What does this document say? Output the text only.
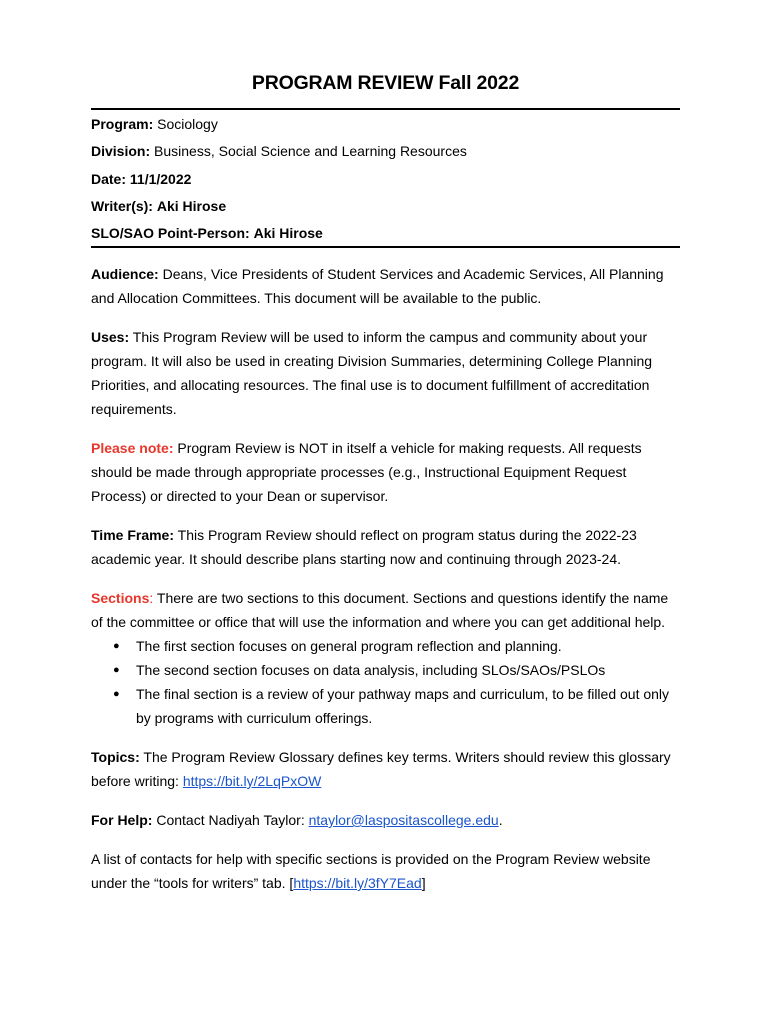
PROGRAM REVIEW Fall 2022
Program: Sociology
Division: Business, Social Science and Learning Resources
Date: 11/1/2022
Writer(s): Aki Hirose
SLO/SAO Point-Person: Aki Hirose

Audience: Deans, Vice Presidents of Student Services and Academic Services, All Planning and Allocation Committees. This document will be available to the public.

Uses: This Program Review will be used to inform the campus and community about your program. It will also be used in creating Division Summaries, determining College Planning Priorities, and allocating resources. The final use is to document fulfillment of accreditation requirements.

Please note: Program Review is NOT in itself a vehicle for making requests. All requests should be made through appropriate processes (e.g., Instructional Equipment Request Process) or directed to your Dean or supervisor.

Time Frame: This Program Review should reflect on program status during the 2022-23 academic year. It should describe plans starting now and continuing through 2023-24.

Sections: There are two sections to this document. Sections and questions identify the name of the committee or office that will use the information and where you can get additional help.

● The first section focuses on general program reflection and planning.
● The second section focuses on data analysis, including SLOs/SAOs/PSLOs
● The final section is a review of your pathway maps and curriculum, to be filled out only by programs with curriculum offerings.

Topics: The Program Review Glossary defines key terms. Writers should review this glossary before writing: https://bit.ly/2LqPxOW

For Help: Contact Nadiyah Taylor: ntaylor@laspositascollege.edu.

A list of contacts for help with specific sections is provided on the Program Review website under the “tools for writers” tab. [https://bit.ly/3fY7Ead]
